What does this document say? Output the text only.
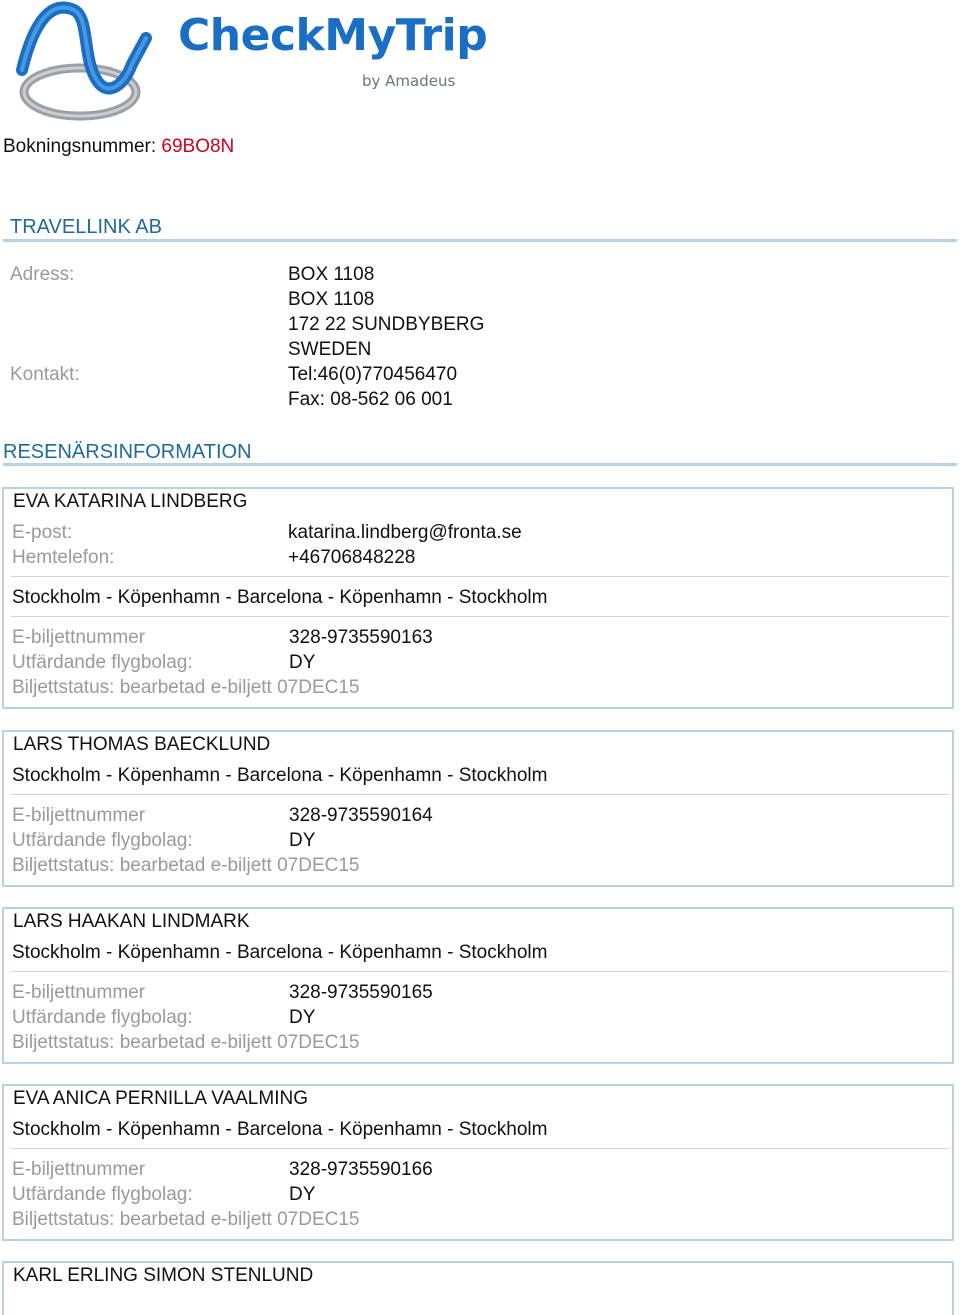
CheckMyTrip
by Amadeus
Bokningsnummer: 69BO8N
TRAVELLINK AB
Adress:	BOX 1108
BOX 1108
172 22 SUNDBYBERG
SWEDEN
Kontakt:	Tel:46(0)770456470
Fax: 08-562 06 001
RESENÄRSINFORMATION
EVA KATARINA LINDBERG
E-post:	katarina.lindberg@fronta.se
Hemtelefon:	+46706848228
Stockholm - Köpenhamn - Barcelona - Köpenhamn - Stockholm
E-biljettnummer	328-9735590163
Utfärdande flygbolag:	DY
Biljettstatus: bearbetad e-biljett 07DEC15
LARS THOMAS BAECKLUND
Stockholm - Köpenhamn - Barcelona - Köpenhamn - Stockholm
E-biljettnummer	328-9735590164
Utfärdande flygbolag:	DY
Biljettstatus: bearbetad e-biljett 07DEC15
LARS HAAKAN LINDMARK
Stockholm - Köpenhamn - Barcelona - Köpenhamn - Stockholm
E-biljettnummer	328-9735590165
Utfärdande flygbolag:	DY
Biljettstatus: bearbetad e-biljett 07DEC15
EVA ANICA PERNILLA VAALMING
Stockholm - Köpenhamn - Barcelona - Köpenhamn - Stockholm
E-biljettnummer	328-9735590166
Utfärdande flygbolag:	DY
Biljettstatus: bearbetad e-biljett 07DEC15
KARL ERLING SIMON STENLUND
